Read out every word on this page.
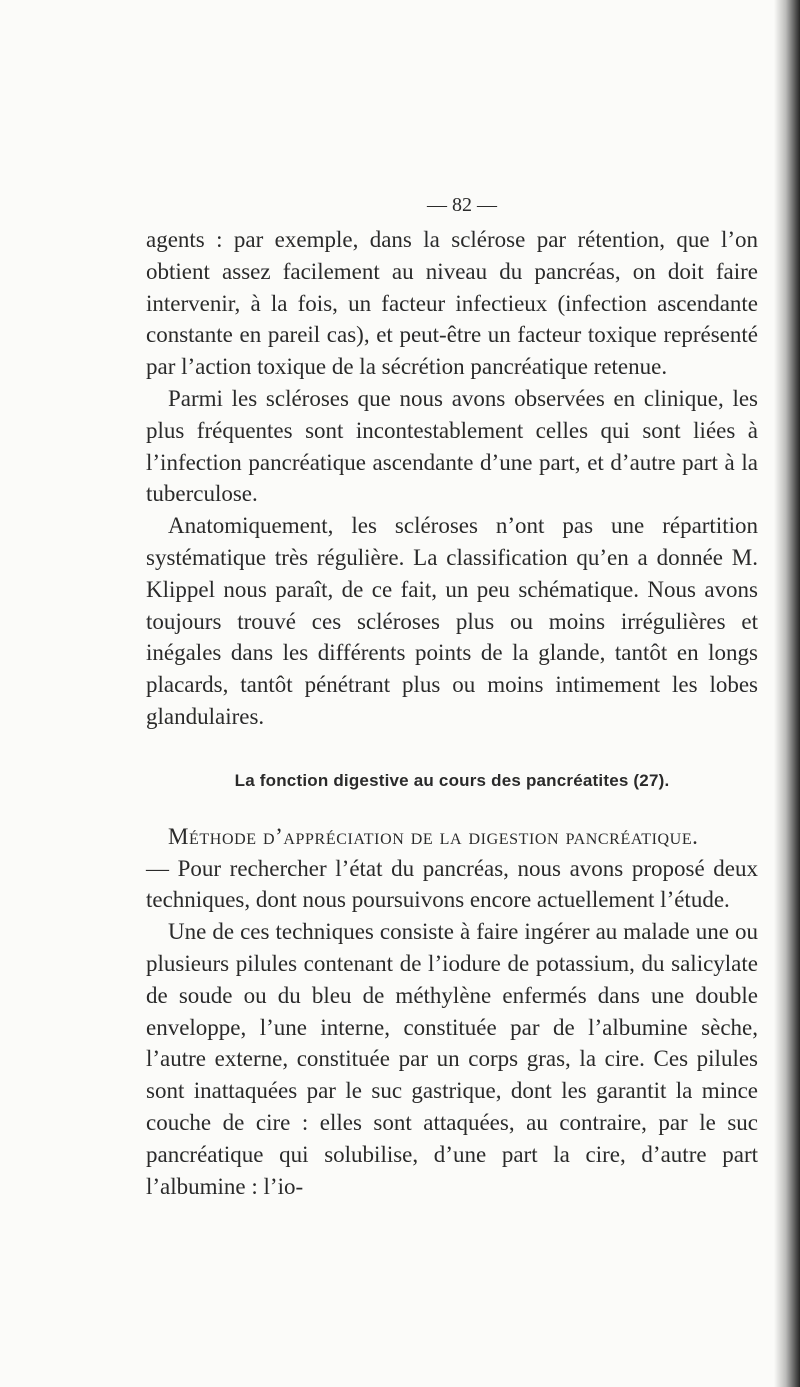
— 82 —

agents : par exemple, dans la sclérose par rétention, que l’on obtient assez facilement au niveau du pancréas, on doit faire intervenir, à la fois, un facteur infectieux (infection ascendante constante en pareil cas), et peut-être un facteur toxique représenté par l’action toxique de la sécrétion pancréatique retenue.

Parmi les scléroses que nous avons observées en clinique, les plus fréquentes sont incontestablement celles qui sont liées à l’infection pancréatique ascendante d’une part, et d’autre part à la tuberculose.

Anatomiquement, les scléroses n’ont pas une répartition systématique très régulière. La classification qu’en a donnée M. Klippel nous paraît, de ce fait, un peu schématique. Nous avons toujours trouvé ces scléroses plus ou moins irrégulières et inégales dans les différents points de la glande, tantôt en longs placards, tantôt pénétrant plus ou moins intimement les lobes glandulaires.

La fonction digestive au cours des pancréatites (27).

Méthode d’appréciation de la digestion pancréatique.
— Pour rechercher l’état du pancréas, nous avons proposé deux techniques, dont nous poursuivons encore actuellement l’étude.

Une de ces techniques consiste à faire ingérer au malade une ou plusieurs pilules contenant de l’iodure de potassium, du salicylate de soude ou du bleu de méthylène enfermés dans une double enveloppe, l’une interne, constituée par de l’albumine sèche, l’autre externe, constituée par un corps gras, la cire. Ces pilules sont inattaquées par le suc gastrique, dont les garantit la mince couche de cire : elles sont attaquées, au contraire, par le suc pancréatique qui solubilise, d’une part la cire, d’autre part l’albumine : l’io-
